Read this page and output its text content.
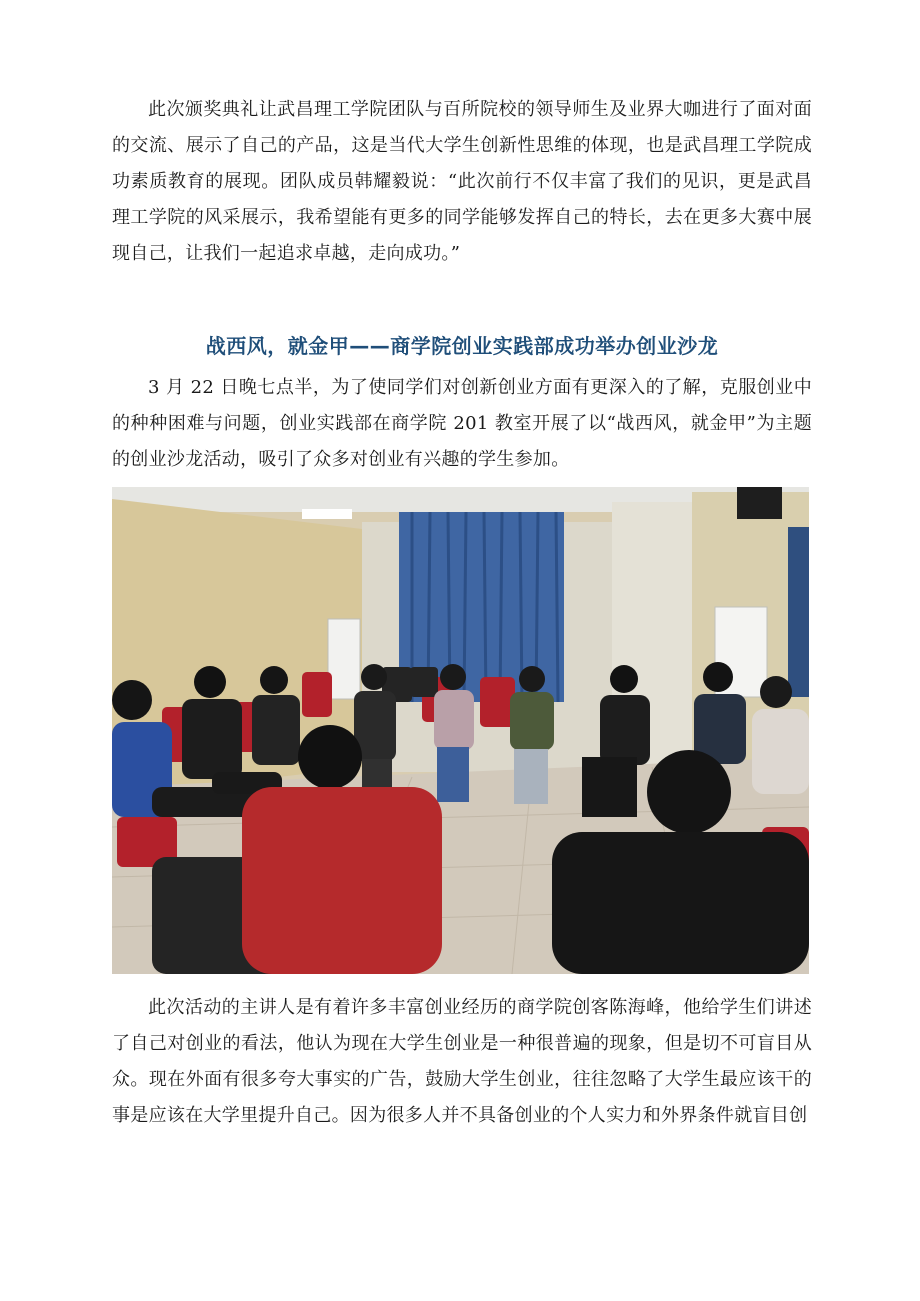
此次颁奖典礼让武昌理工学院团队与百所院校的领导师生及业界大咖进行了面对面的交流、展示了自己的产品，这是当代大学生创新性思维的体现，也是武昌理工学院成功素质教育的展现。团队成员韩耀毅说：“此次前行不仅丰富了我们的见识，更是武昌理工学院的风采展示，我希望能有更多的同学能够发挥自己的特长，去在更多大赛中展现自己，让我们一起追求卓越，走向成功。”

战西风，就金甲——商学院创业实践部成功举办创业沙龙

3 月 22 日晚七点半，为了使同学们对创新创业方面有更深入的了解，克服创业中的种种困难与问题，创业实践部在商学院 201 教室开展了以“战西风，就金甲”为主题的创业沙龙活动，吸引了众多对创业有兴趣的学生参加。

此次活动的主讲人是有着许多丰富创业经历的商学院创客陈海峰，他给学生们讲述了自己对创业的看法，他认为现在大学生创业是一种很普遍的现象，但是切不可盲目从众。现在外面有很多夸大事实的广告，鼓励大学生创业，往往忽略了大学生最应该干的事是应该在大学里提升自己。因为很多人并不具备创业的个人实力和外界条件就盲目创
